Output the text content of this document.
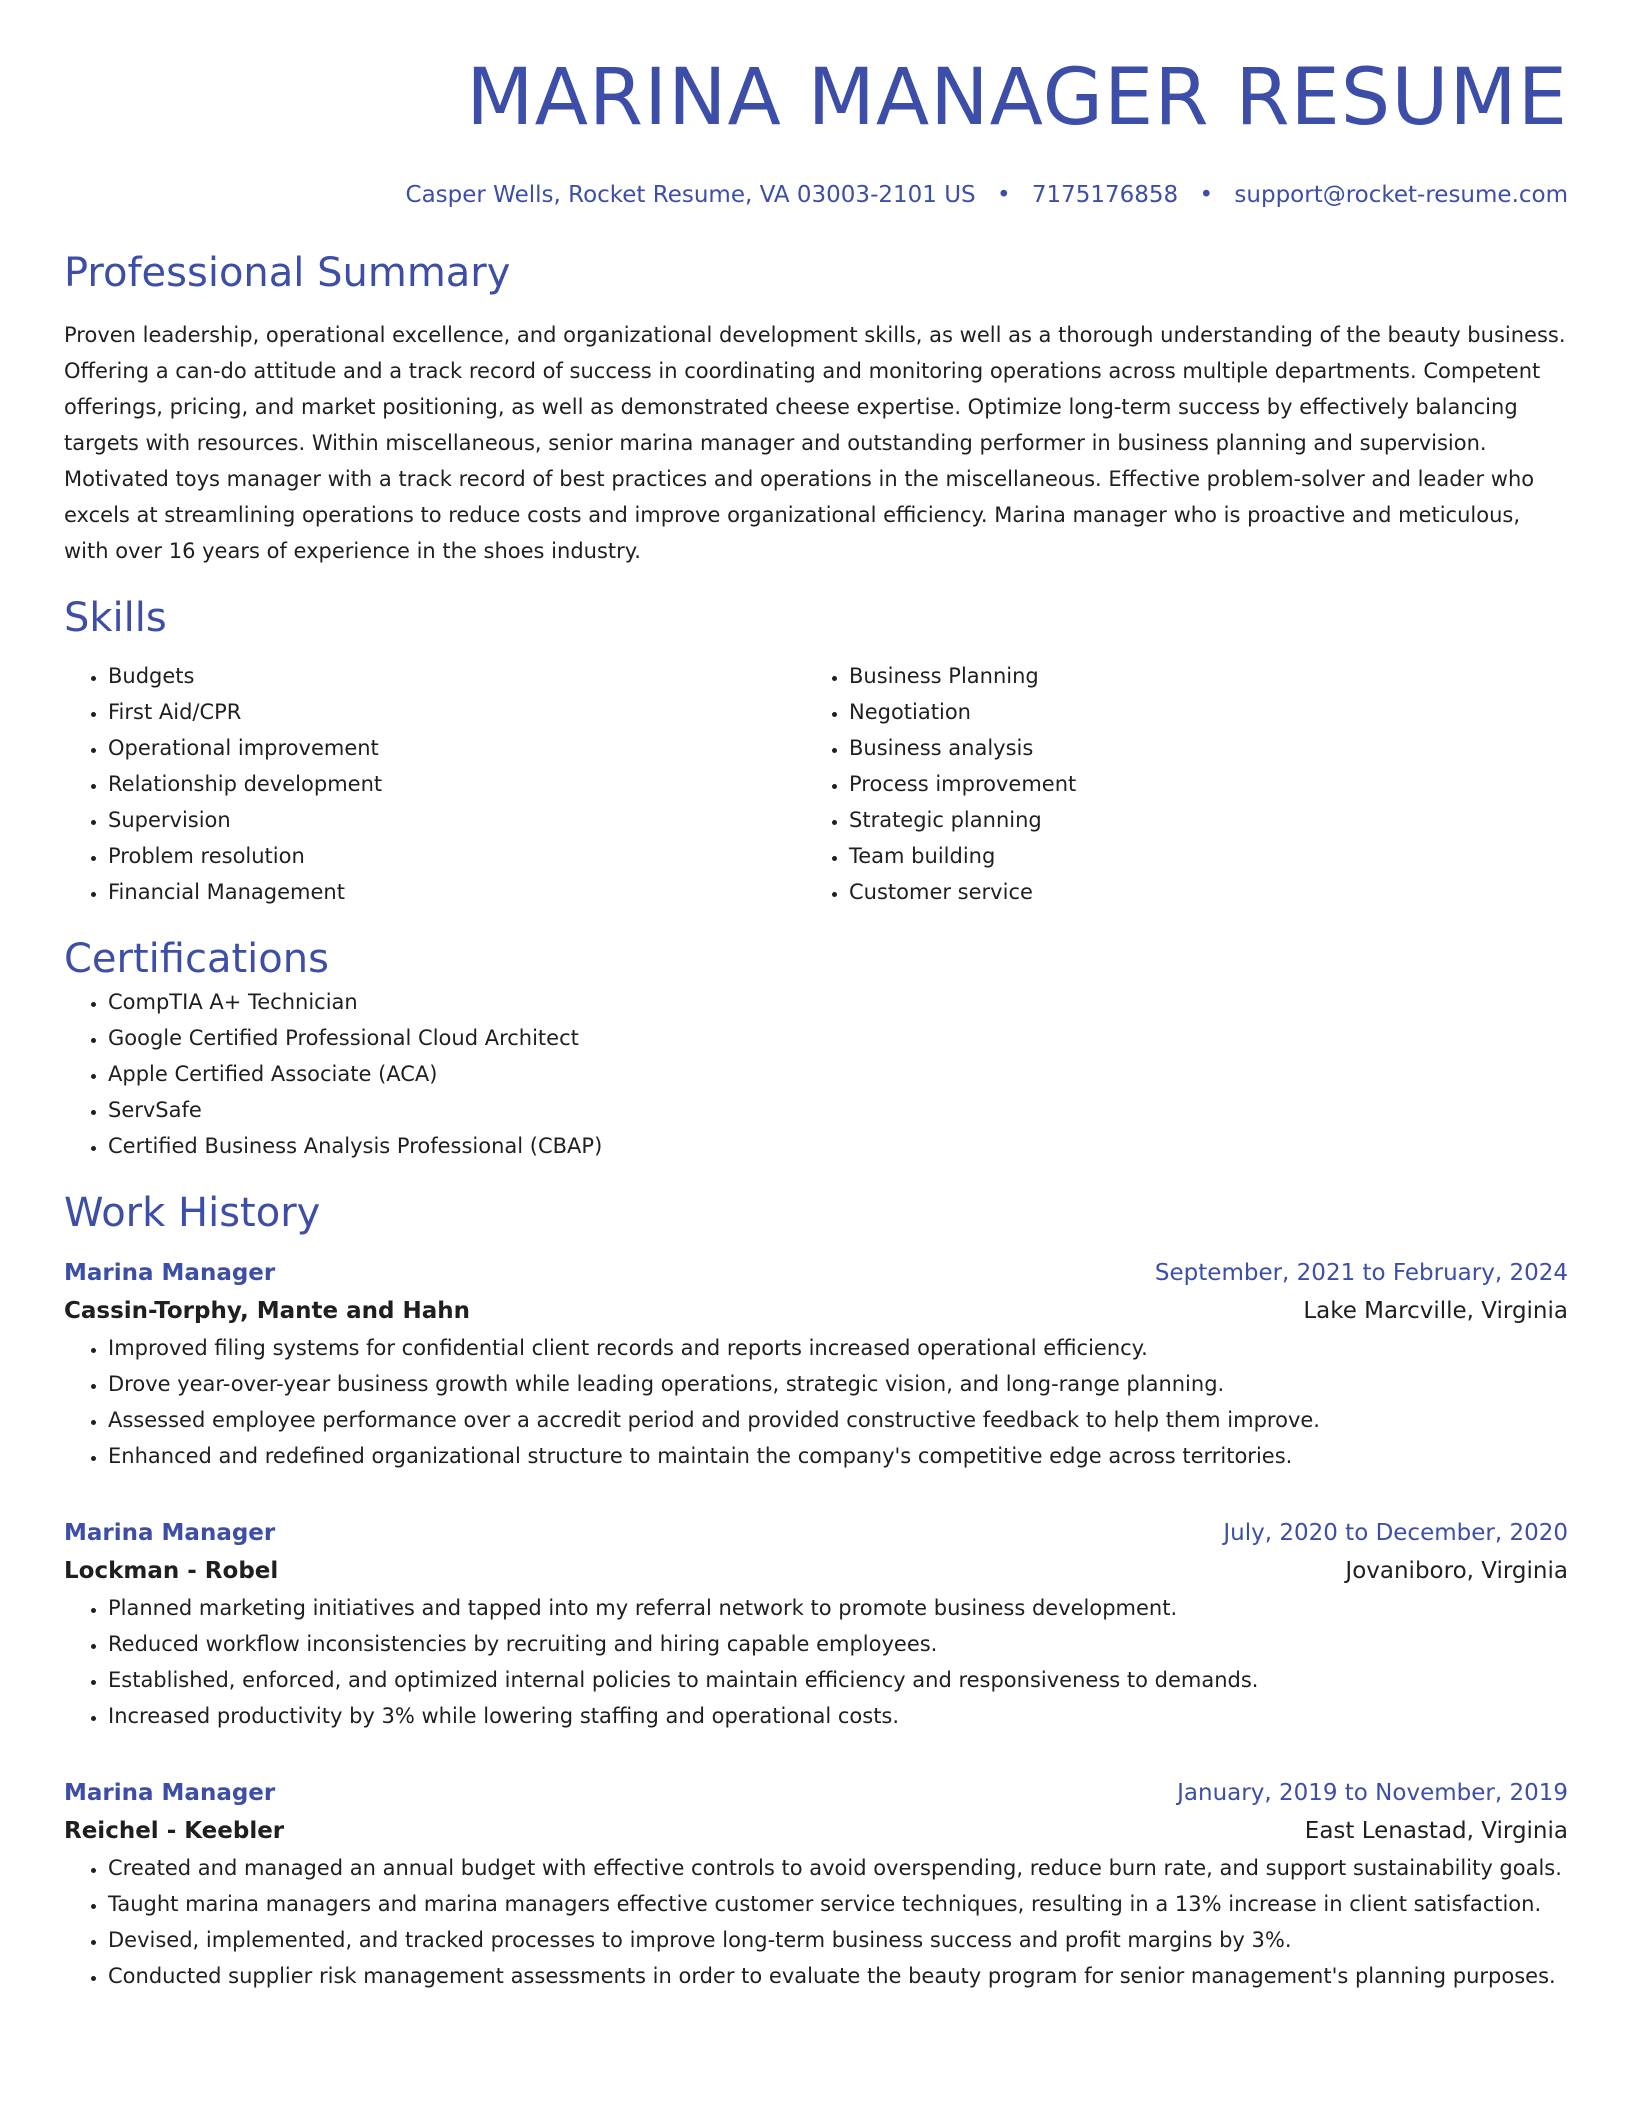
MARINA MANAGER RESUME
Casper Wells, Rocket Resume, VA 03003-2101 US • 7175176858 • support@rocket-resume.com
Professional Summary

Proven leadership, operational excellence, and organizational development skills, as well as a thorough understanding of the beauty business. Offering a can-do attitude and a track record of success in coordinating and monitoring operations across multiple departments. Competent offerings, pricing, and market positioning, as well as demonstrated cheese expertise. Optimize long-term success by effectively balancing targets with resources. Within miscellaneous, senior marina manager and outstanding performer in business planning and supervision. Motivated toys manager with a track record of best practices and operations in the miscellaneous. Effective problem-solver and leader who excels at streamlining operations to reduce costs and improve organizational efficiency. Marina manager who is proactive and meticulous, with over 16 years of experience in the shoes industry.

Skills
• Budgets
• First Aid/CPR
• Operational improvement
• Relationship development
• Supervision
• Problem resolution
• Financial Management
• Business Planning
• Negotiation
• Business analysis
• Process improvement
• Strategic planning
• Team building
• Customer service
Certifications
• CompTIA A+ Technician
• Google Certified Professional Cloud Architect
• Apple Certified Associate (ACA)
• ServSafe
• Certified Business Analysis Professional (CBAP)
Work History
Marina Manager	September, 2021 to February, 2024
Cassin-Torphy, Mante and Hahn	Lake Marcville, Virginia
• Improved filing systems for confidential client records and reports increased operational efficiency.
• Drove year-over-year business growth while leading operations, strategic vision, and long-range planning.
• Assessed employee performance over a accredit period and provided constructive feedback to help them improve.
• Enhanced and redefined organizational structure to maintain the company's competitive edge across territories.
Marina Manager	July, 2020 to December, 2020
Lockman - Robel	Jovaniboro, Virginia
• Planned marketing initiatives and tapped into my referral network to promote business development.
• Reduced workflow inconsistencies by recruiting and hiring capable employees.
• Established, enforced, and optimized internal policies to maintain efficiency and responsiveness to demands.
• Increased productivity by 3% while lowering staffing and operational costs.
Marina Manager	January, 2019 to November, 2019
Reichel - Keebler	East Lenastad, Virginia
• Created and managed an annual budget with effective controls to avoid overspending, reduce burn rate, and support sustainability goals.
• Taught marina managers and marina managers effective customer service techniques, resulting in a 13% increase in client satisfaction.
• Devised, implemented, and tracked processes to improve long-term business success and profit margins by 3%.
• Conducted supplier risk management assessments in order to evaluate the beauty program for senior management's planning purposes.
